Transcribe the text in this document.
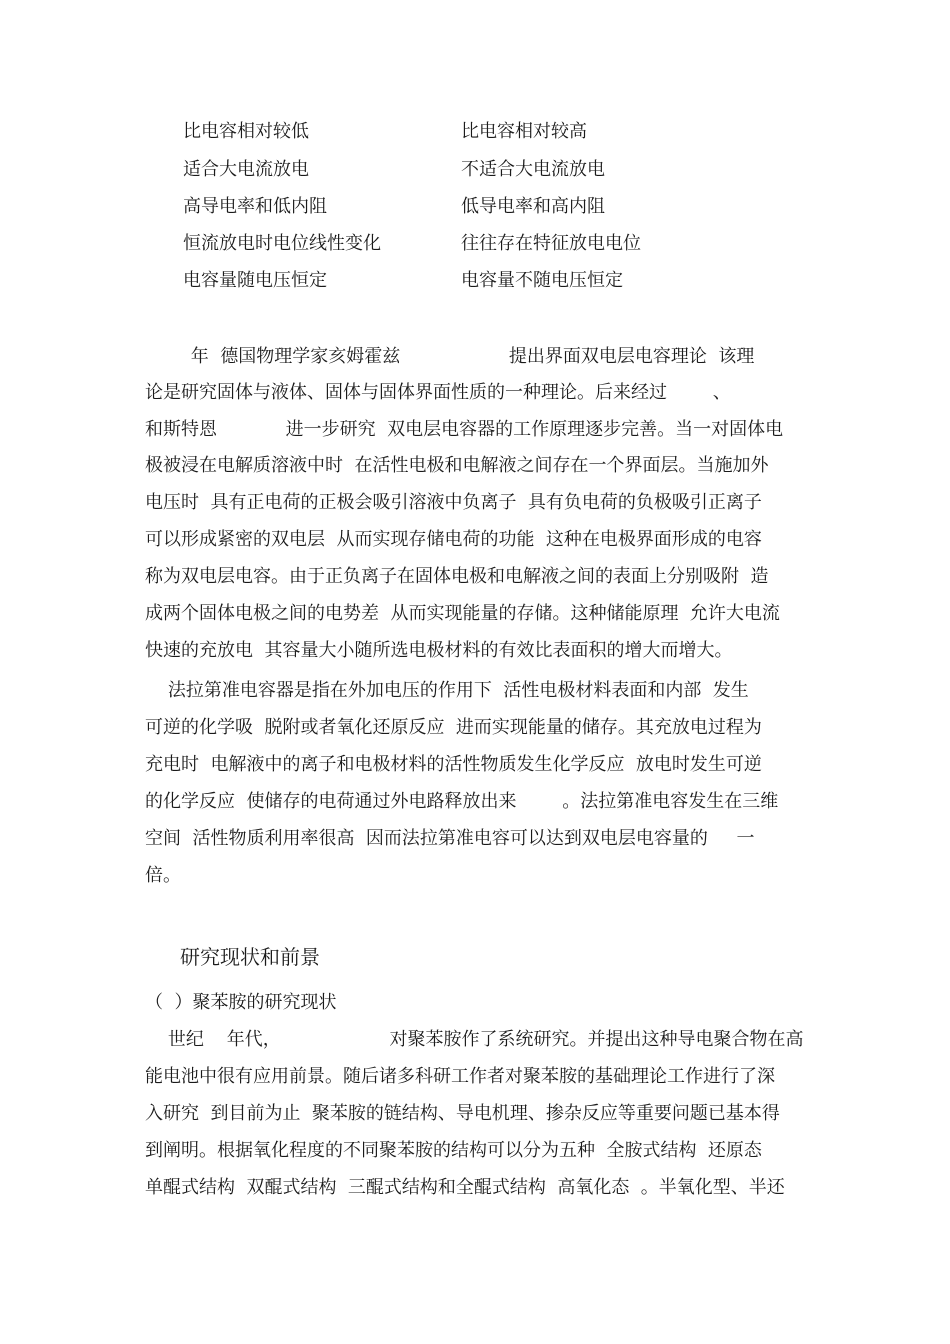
比电容相对较低	比电容相对较高
适合大电流放电	不适合大电流放电
高导电率和低内阻	低导电率和高内阻
恒流放电时电位线性变化	往往存在特征放电电位
电容量随电压恒定	电容量不随电压恒定
年  德国物理学家亥姆霍兹                   提出界面双电层电容理论  该理
论是研究固体与液体、固体与固体界面性质的一种理论。后来经过        、
和斯特恩            进一步研究  双电层电容器的工作原理逐步完善。当一对固体电
极被浸在电解质溶液中时  在活性电极和电解液之间存在一个界面层。当施加外
电压时  具有正电荷的正极会吸引溶液中负离子  具有负电荷的负极吸引正离子
可以形成紧密的双电层  从而实现存储电荷的功能  这种在电极界面形成的电容
称为双电层电容。由于正负离子在固体电极和电解液之间的表面上分别吸附  造
成两个固体电极之间的电势差  从而实现能量的存储。这种储能原理  允许大电流
快速的充放电  其容量大小随所选电极材料的有效比表面积的增大而增大。
法拉第准电容器是指在外加电压的作用下  活性电极材料表面和内部  发生
可逆的化学吸  脱附或者氧化还原反应  进而实现能量的储存。其充放电过程为
充电时  电解液中的离子和电极材料的活性物质发生化学反应  放电时发生可逆
的化学反应  使储存的电荷通过外电路释放出来        。法拉第准电容发生在三维
空间  活性物质利用率很高  因而法拉第准电容可以达到双电层电容量的     一
倍。
研究现状和前景
（  ）聚苯胺的研究现状
世纪    年代，                   对聚苯胺作了系统研究。并提出这种导电聚合物在高
能电池中很有应用前景。随后诸多科研工作者对聚苯胺的基础理论工作进行了深
入研究  到目前为止  聚苯胺的链结构、导电机理、掺杂反应等重要问题已基本得
到阐明。根据氧化程度的不同聚苯胺的结构可以分为五种  全胺式结构  还原态
单醌式结构  双醌式结构  三醌式结构和全醌式结构  高氧化态  。半氧化型、半还
